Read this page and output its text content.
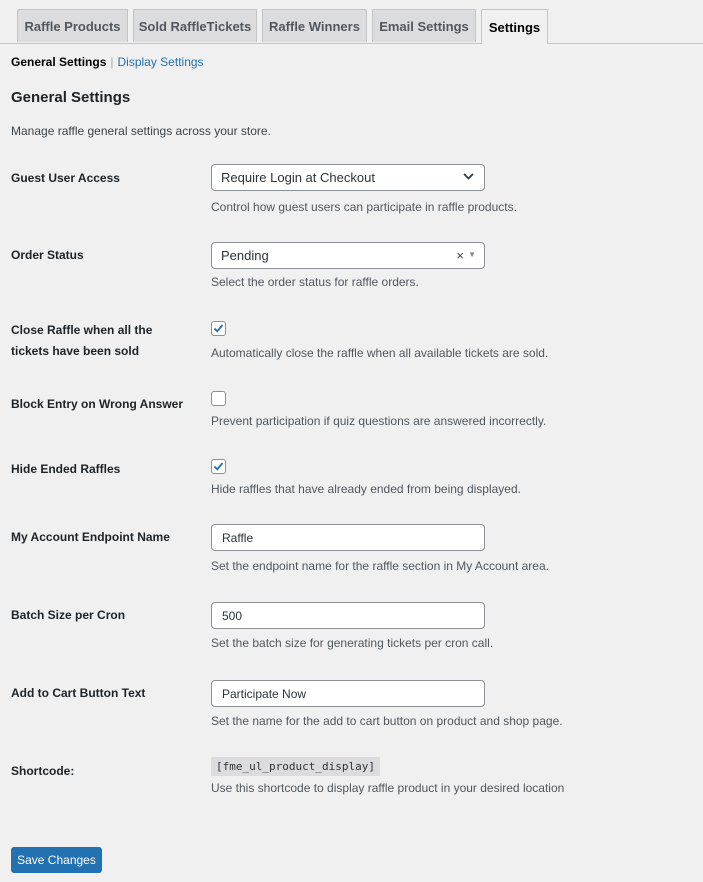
Raffle Products	Sold RaffleTickets	Raffle Winners	Email Settings	Settings
General Settings | Display Settings
General Settings
Manage raffle general settings across your store.
Guest User Access	Require Login at Checkout
Control how guest users can participate in raffle products.
Order Status	Pending	× ▼
Select the order status for raffle orders.
Close Raffle when all the tickets have been sold	Automatically close the raffle when all available tickets are sold.
Block Entry on Wrong Answer
Prevent participation if quiz questions are answered incorrectly.
Hide Ended Raffles
Hide raffles that have already ended from being displayed.
My Account Endpoint Name	Raffle
Set the endpoint name for the raffle section in My Account area.
Batch Size per Cron	500
Set the batch size for generating tickets per cron call.
Add to Cart Button Text	Participate Now
Set the name for the add to cart button on product and shop page.
Shortcode:	[fme_ul_product_display]
Use this shortcode to display raffle product in your desired location
Save Changes
